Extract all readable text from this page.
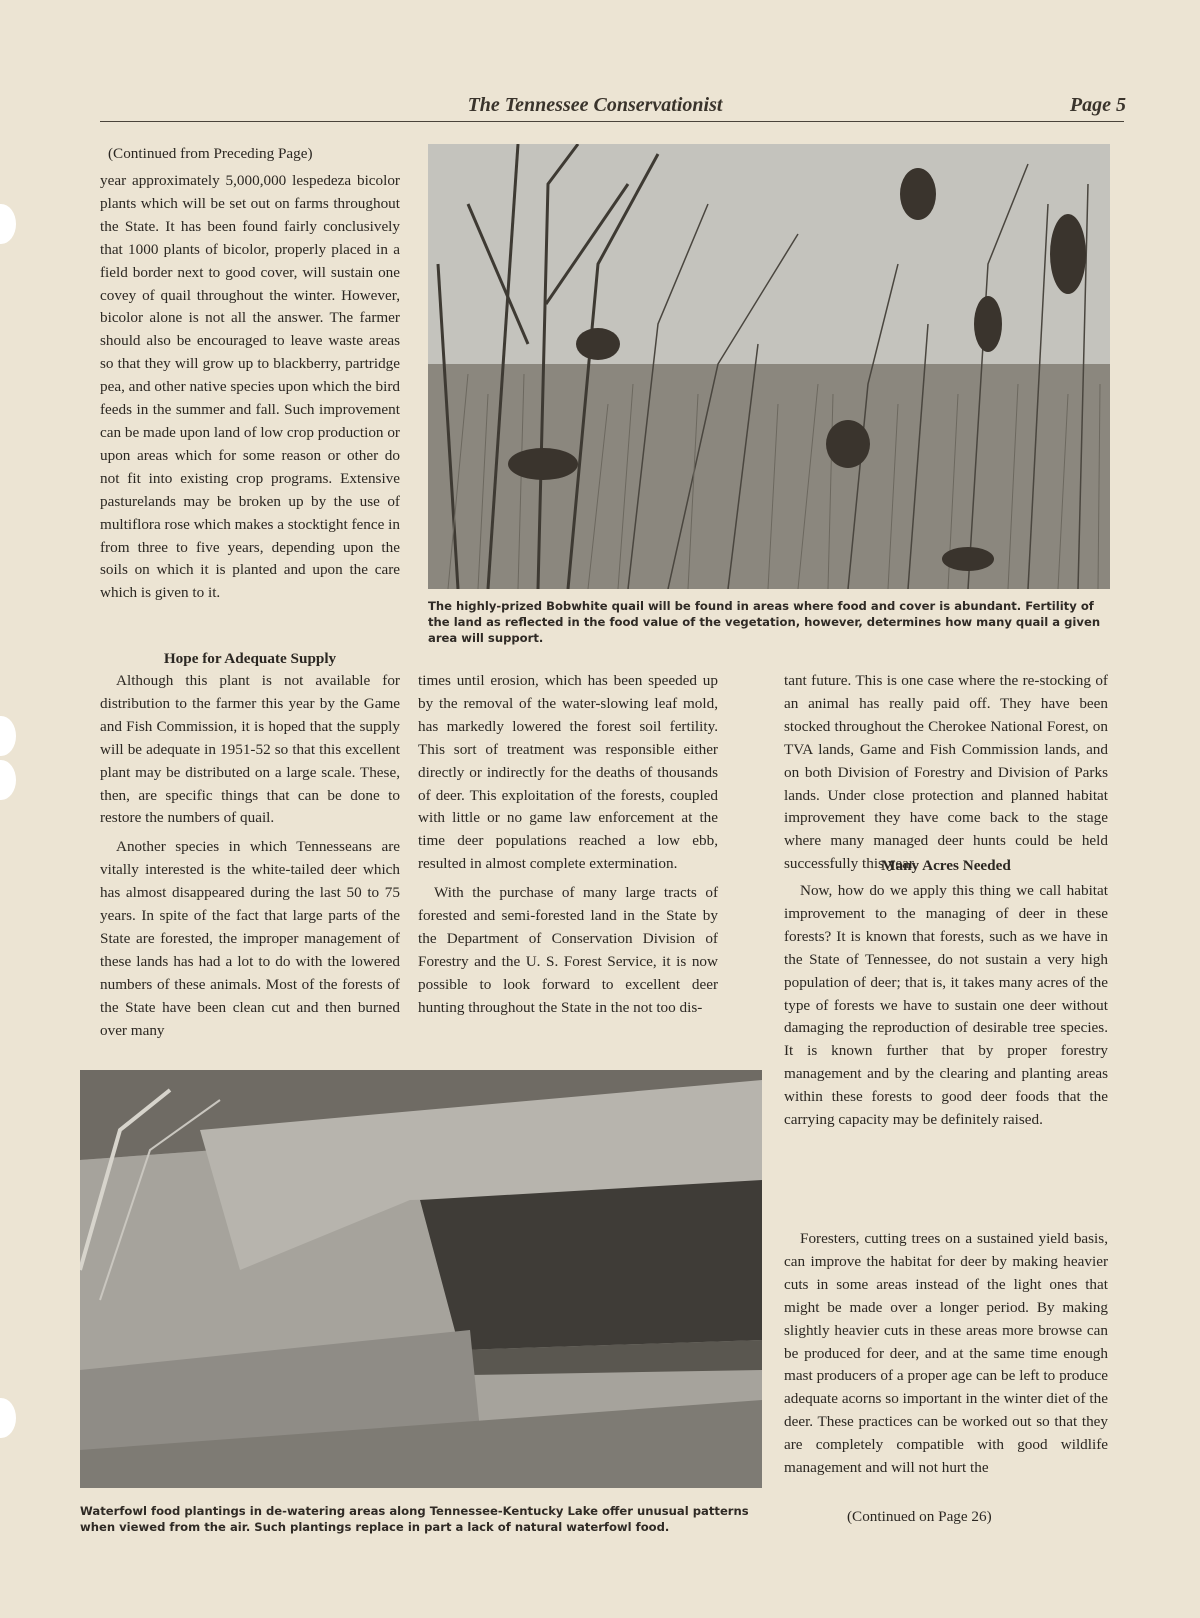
The Tennessee Conservationist	Page 5
(Continued from Preceding Page)

year approximately 5,000,000 lespedeza bicolor plants which will be set out on farms throughout the State. It has been found fairly conclusively that 1000 plants of bicolor, properly placed in a field border next to good cover, will sustain one covey of quail throughout the winter. However, bicolor alone is not all the answer. The farmer should also be encouraged to leave waste areas so that they will grow up to blackberry, partridge pea, and other native species upon which the bird feeds in the summer and fall. Such improvement can be made upon land of low crop production or upon areas which for some reason or other do not fit into existing crop programs. Extensive pasturelands may be broken up by the use of multiflora rose which makes a stocktight fence in from three to five years, depending upon the soils on which it is planted and upon the care which is given to it.

Hope for Adequate Supply

Although this plant is not available for distribution to the farmer this year by the Game and Fish Commission, it is hoped that the supply will be adequate in 1951-52 so that this excellent plant may be distributed on a large scale. These, then, are specific things that can be done to restore the numbers of quail.

Another species in which Tennesseans are vitally interested is the white-tailed deer which has almost disappeared during the last 50 to 75 years. In spite of the fact that large parts of the State are forested, the improper management of these lands has had a lot to do with the lowered numbers of these animals. Most of the forests of the State have been clean cut and then burned over many

The highly-prized Bobwhite quail will be found in areas where food and cover is abundant. Fertility of the land as reflected in the food value of the vegetation, however, determines how many quail a given area will support.

times until erosion, which has been speeded up by the removal of the water-slowing leaf mold, has markedly lowered the forest soil fertility. This sort of treatment was responsible either directly or indirectly for the deaths of thousands of deer. This exploitation of the forests, coupled with little or no game law enforcement at the time deer populations reached a low ebb, resulted in almost complete extermination.

With the purchase of many large tracts of forested and semi-forested land in the State by the Department of Conservation Division of Forestry and the U. S. Forest Service, it is now possible to look forward to excellent deer hunting throughout the State in the not too dis-

tant future. This is one case where the re-stocking of an animal has really paid off. They have been stocked throughout the Cherokee National Forest, on TVA lands, Game and Fish Commission lands, and on both Division of Forestry and Division of Parks lands. Under close protection and planned habitat improvement they have come back to the stage where many managed deer hunts could be held successfully this year.

Many Acres Needed

Now, how do we apply this thing we call habitat improvement to the managing of deer in these forests? It is known that forests, such as we have in the State of Tennessee, do not sustain a very high population of deer; that is, it takes many acres of the type of forests we have to sustain one deer without damaging the reproduction of desirable tree species. It is known further that by proper forestry management and by the clearing and planting areas within these forests to good deer foods that the carrying capacity may be definitely raised.

Foresters, cutting trees on a sustained yield basis, can improve the habitat for deer by making heavier cuts in some areas instead of the light ones that might be made over a longer period. By making slightly heavier cuts in these areas more browse can be produced for deer, and at the same time enough mast producers of a proper age can be left to produce adequate acorns so important in the winter diet of the deer. These practices can be worked out so that they are completely compatible with good wildlife management and will not hurt the

Waterfowl food plantings in de-watering areas along Tennessee-Kentucky Lake offer unusual patterns when viewed from the air. Such plantings replace in part a lack of natural waterfowl food.
(Continued on Page 26)
